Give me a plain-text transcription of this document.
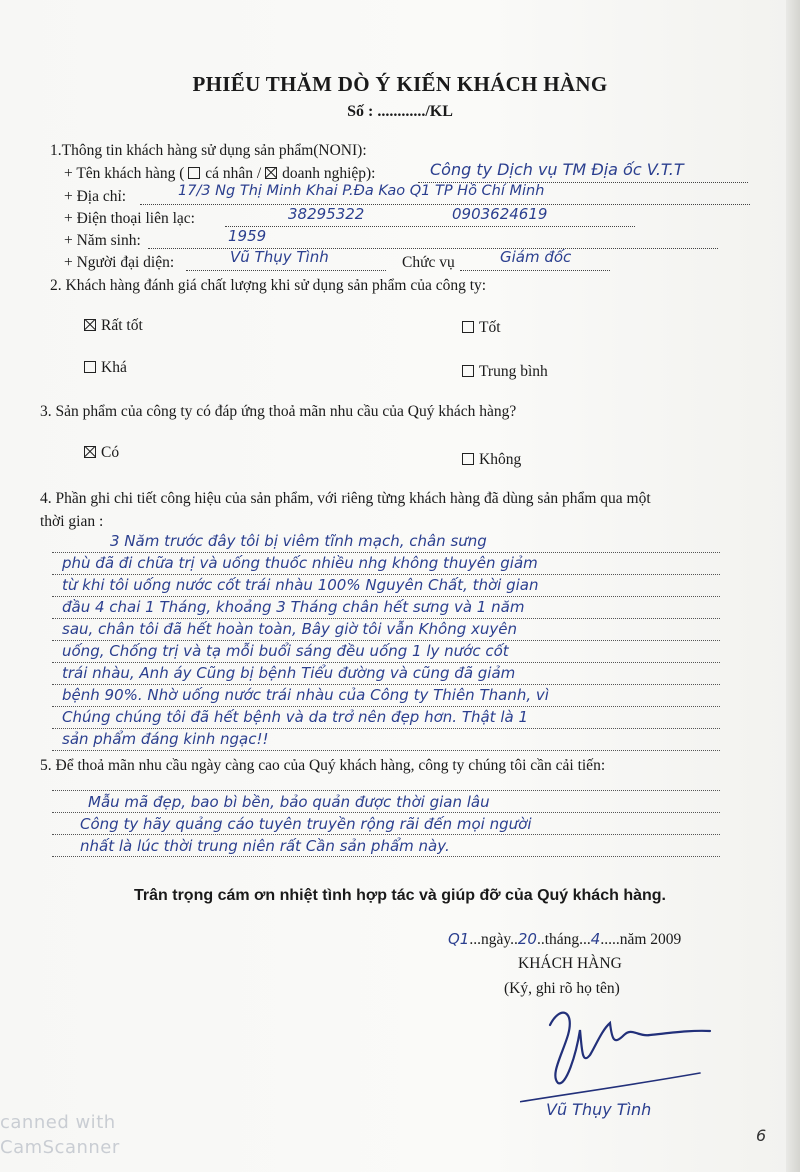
PHIẾU THĂM DÒ Ý KIẾN KHÁCH HÀNG
Số : ............/KL
1.Thông tin khách hàng sử dụng sản phẩm(NONI):
+ Tên khách hàng ( cá nhân / doanh nghiệp):	Công ty Dịch vụ TM Địa ốc V.T.T
+ Địa chỉ:	17/3 Ng Thị Minh Khai P.Đa Kao Q1 TP Hồ Chí Minh
+ Điện thoại liên lạc:	38295322	0903624619
+ Năm sinh:	1959
+ Người đại diện:	Vũ Thụy Tình	Chức vụ	Giám đốc
2. Khách hàng đánh giá chất lượng khi sử dụng sản phẩm của công ty:
Rất tốt	Tốt
Khá	Trung bình
3. Sản phẩm của công ty có đáp ứng thoả mãn nhu cầu của Quý khách hàng?
Có	Không
4. Phần ghi chi tiết công hiệu của sản phẩm, với riêng từng khách hàng đã dùng sản phẩm qua một
thời gian :
3 Năm trước đây tôi bị viêm tĩnh mạch, chân sưng
phù đã đi chữa trị và uống thuốc nhiều nhg không thuyên giảm
từ khi tôi uống nước cốt trái nhàu 100% Nguyên Chất, thời gian
đầu 4 chai 1 Tháng, khoảng 3 Tháng chân hết sưng và 1 năm
sau, chân tôi đã hết hoàn toàn, Bây giờ tôi vẫn Không xuyên
uống, Chống trị và tạ mỗi buổi sáng đều uống 1 ly nước cốt
trái nhàu, Anh áy Cũng bị bệnh Tiểu đường và cũng đã giảm
bệnh 90%. Nhờ uống nước trái nhàu của Công ty Thiên Thanh, vì
Chúng chúng tôi đã hết bệnh và da trở nên đẹp hơn. Thật là 1
sản phẩm đáng kinh ngạc!!
5. Để thoả mãn nhu cầu ngày càng cao của Quý khách hàng, công ty chúng tôi cần cải tiến:
Mẫu mã đẹp, bao bì bền, bảo quản được thời gian lâu
Công ty hãy quảng cáo tuyên truyền rộng rãi đến mọi người
nhất là lúc thời trung niên rất Cần sản phẩm này.
Trân trọng cám ơn nhiệt tình hợp tác và giúp đỡ của Quý khách hàng.
Q1...ngày..20..tháng...4.....năm 2009
KHÁCH HÀNG
(Ký, ghi rõ họ tên)
Vũ Thụy Tình
6
canned with
CamScanner
